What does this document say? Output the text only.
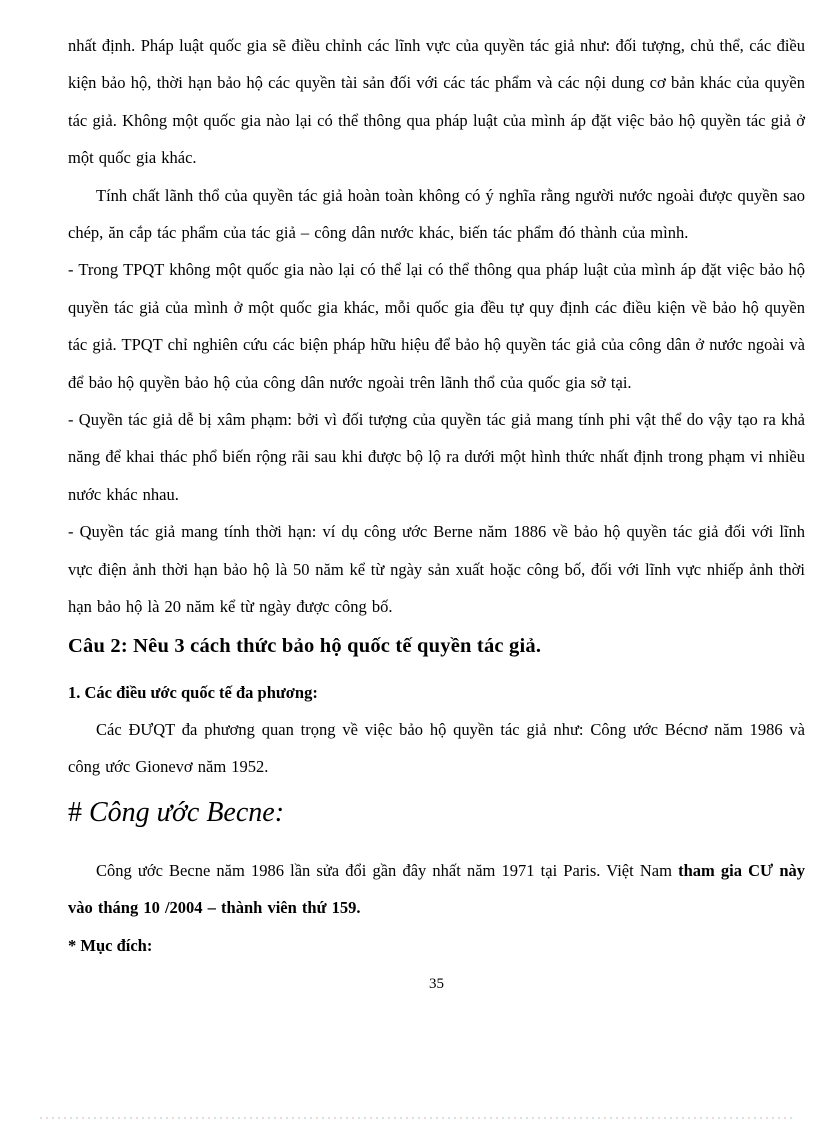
nhất định. Pháp luật quốc gia sẽ điều chỉnh các lĩnh vực của quyền tác giả như: đối tượng, chủ thể, các điều kiện bảo hộ, thời hạn bảo hộ các quyền tài sản đối với các tác phẩm và các nội dung cơ bản khác của quyền tác giả. Không một quốc gia nào lại có thể thông qua pháp luật của mình áp đặt việc bảo hộ quyền tác giả ở một quốc gia khác.

Tính chất lãnh thổ của quyền tác giả hoàn toàn không có ý nghĩa rằng người nước ngoài được quyền sao chép, ăn cắp tác phẩm của tác giả – công dân nước khác, biến tác phẩm đó thành của mình.

- Trong TPQT không một quốc gia nào lại có thể lại có thể thông qua pháp luật của mình áp đặt việc bảo hộ quyền tác giả của mình ở một quốc gia khác, mỗi quốc gia đều tự quy định các điều kiện về bảo hộ quyền tác giả. TPQT chỉ nghiên cứu các biện pháp hữu hiệu để bảo hộ quyền tác giả của công dân ở nước ngoài và để bảo hộ quyền bảo hộ của công dân nước ngoài trên lãnh thổ của quốc gia sở tại.

- Quyền tác giả dễ bị xâm phạm: bởi vì đối tượng của quyền tác giả mang tính phi vật thể do vậy tạo ra khả năng để khai thác phổ biến rộng rãi sau khi được bộ lộ ra dưới một hình thức nhất định trong phạm vi nhiều nước khác nhau.

- Quyền tác giả mang tính thời hạn: ví dụ công ước Berne năm 1886 về bảo hộ quyền tác giả đối với lĩnh vực điện ảnh thời hạn bảo hộ là 50 năm kể từ ngày sản xuất hoặc công bố, đối với lĩnh vực nhiếp ảnh thời hạn bảo hộ là 20 năm kể từ ngày được công bố.

Câu 2: Nêu 3 cách thức bảo hộ quốc tế quyền tác giả.
1. Các điều ước quốc tế đa phương:

Các ĐƯQT đa phương quan trọng về việc bảo hộ quyền tác giả như: Công ước Bécnơ năm 1986 và công ước Gionevơ năm 1952.

# Công ước Becne:

Công ước Becne năm 1986 lần sửa đổi gần đây nhất năm 1971 tại Paris. Việt Nam tham gia CƯ này vào tháng 10 /2004 – thành viên thứ 159.

* Mục đích:
35
